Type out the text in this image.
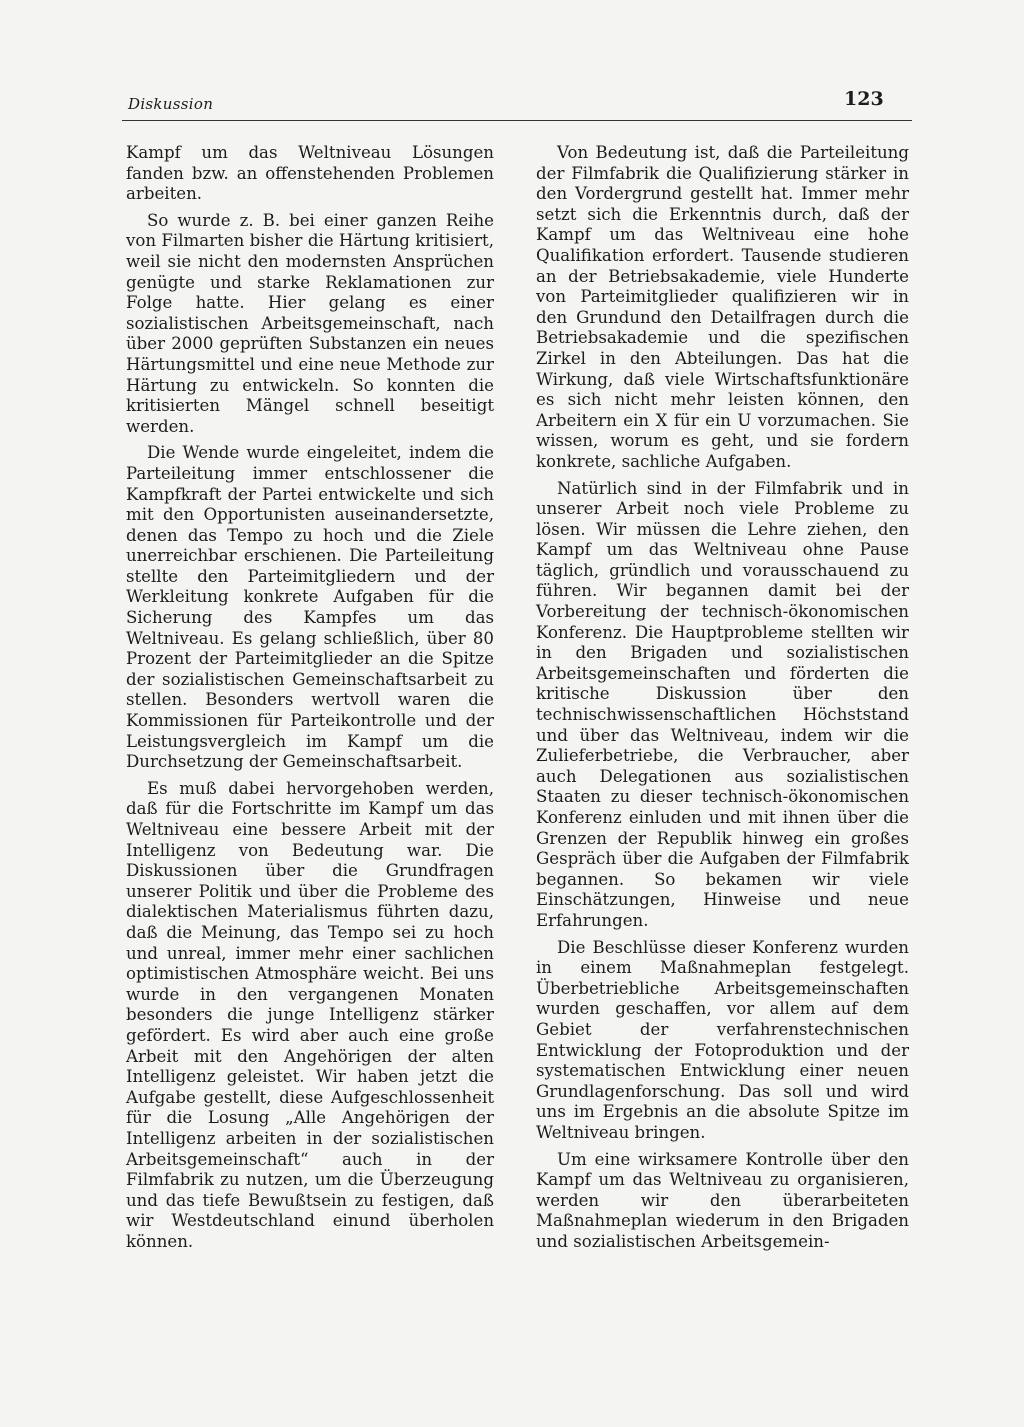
Diskussion	123

Kampf um das Weltniveau Lösungen fanden bzw. an offenstehenden Problemen arbeiten.

So wurde z. B. bei einer ganzen Reihe von Filmarten bisher die Härtung kritisiert, weil sie nicht den modernsten Ansprüchen genügte und starke Reklamationen zur Folge hatte. Hier gelang es einer sozialistischen Arbeitsgemeinschaft, nach über 2000 geprüften Substanzen ein neues Härtungsmittel und eine neue Methode zur Härtung zu entwickeln. So konnten die kritisierten Mängel schnell beseitigt werden.

Die Wende wurde eingeleitet, indem die Parteileitung immer entschlossener die Kampfkraft der Partei entwickelte und sich mit den Opportunisten auseinandersetzte, denen das Tempo zu hoch und die Ziele unerreichbar erschienen. Die Parteileitung stellte den Parteimitgliedern und der Werkleitung konkrete Aufgaben für die Sicherung des Kampfes um das Weltniveau. Es gelang schließlich, über 80 Prozent der Parteimitglieder an die Spitze der sozialistischen Gemeinschaftsarbeit zu stellen. Besonders wertvoll waren die Kommissionen für Parteikontrolle und der Leistungsvergleich im Kampf um die Durchsetzung der Gemeinschaftsarbeit.

Es muß dabei hervorgehoben werden, daß für die Fortschritte im Kampf um das Weltniveau eine bessere Arbeit mit der Intelligenz von Bedeutung war. Die Diskussionen über die Grundfragen unserer Politik und über die Probleme des dialektischen Materialismus führten dazu, daß die Meinung, das Tempo sei zu hoch und unreal, immer mehr einer sachlichen optimistischen Atmosphäre weicht. Bei uns wurde in den vergangenen Monaten besonders die junge Intelligenz stärker gefördert. Es wird aber auch eine große Arbeit mit den Angehörigen der alten Intelligenz geleistet. Wir haben jetzt die Aufgabe gestellt, diese Aufgeschlossenheit für die Losung „Alle Angehörigen der Intelligenz arbeiten in der sozialistischen Arbeitsgemeinschaft“ auch in der Filmfabrik zu nutzen, um die Überzeugung und das tiefe Bewußtsein zu festigen, daß wir Westdeutschland einund überholen können.

Von Bedeutung ist, daß die Parteileitung der Filmfabrik die Qualifizierung stärker in den Vordergrund gestellt hat. Immer mehr setzt sich die Erkenntnis durch, daß der Kampf um das Weltniveau eine hohe Qualifikation erfordert. Tausende studieren an der Betriebsakademie, viele Hunderte von Parteimitglieder qualifizieren wir in den Grundund den Detailfragen durch die Betriebsakademie und die spezifischen Zirkel in den Abteilungen. Das hat die Wirkung, daß viele Wirtschaftsfunktionäre es sich nicht mehr leisten können, den Arbeitern ein X für ein U vorzumachen. Sie wissen, worum es geht, und sie fordern konkrete, sachliche Aufgaben.

Natürlich sind in der Filmfabrik und in unserer Arbeit noch viele Probleme zu lösen. Wir müssen die Lehre ziehen, den Kampf um das Weltniveau ohne Pause täglich, gründlich und vorausschauend zu führen. Wir begannen damit bei der Vorbereitung der technisch-ökonomischen Konferenz. Die Hauptprobleme stellten wir in den Brigaden und sozialistischen Arbeitsgemeinschaften und förderten die kritische Diskussion über den technischwissenschaftlichen Höchststand und über das Weltniveau, indem wir die Zulieferbetriebe, die Verbraucher, aber auch Delegationen aus sozialistischen Staaten zu dieser technisch-ökonomischen Konferenz einluden und mit ihnen über die Grenzen der Republik hinweg ein großes Gespräch über die Aufgaben der Filmfabrik begannen. So bekamen wir viele Einschätzungen, Hinweise und neue Erfahrungen.

Die Beschlüsse dieser Konferenz wurden in einem Maßnahmeplan festgelegt. Überbetriebliche Arbeitsgemeinschaften wurden geschaffen, vor allem auf dem Gebiet der verfahrenstechnischen Entwicklung der Fotoproduktion und der systematischen Entwicklung einer neuen Grundlagenforschung. Das soll und wird uns im Ergebnis an die absolute Spitze im Weltniveau bringen.

Um eine wirksamere Kontrolle über den Kampf um das Weltniveau zu organisieren, werden wir den überarbeiteten Maßnahmeplan wiederum in den Brigaden und sozialistischen Arbeitsgemein-
